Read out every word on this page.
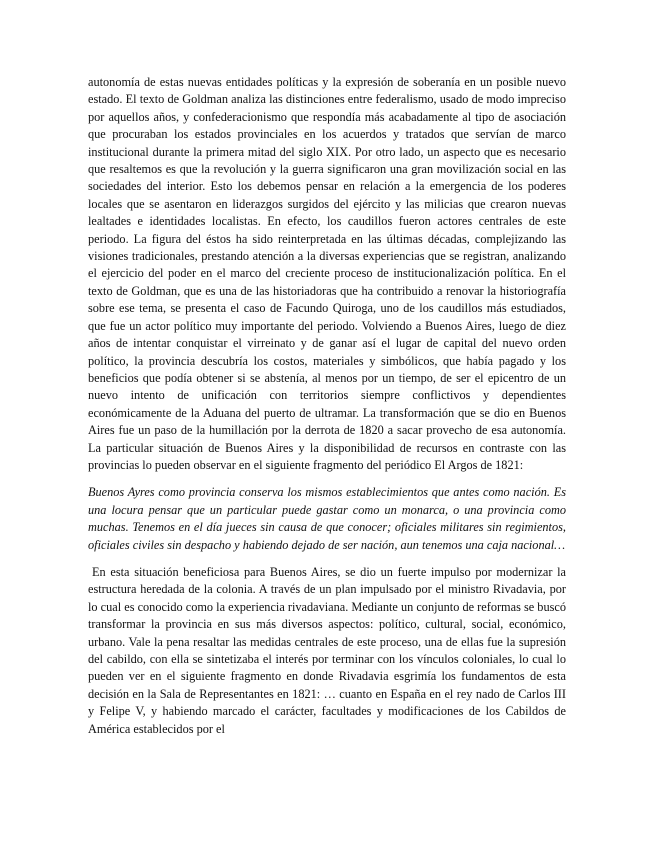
autonomía de estas nuevas entidades políticas y la expresión de soberanía en un posible nuevo estado. El texto de Goldman analiza las distinciones entre federalismo, usado de modo impreciso por aquellos años, y confederacionismo que respondía más acabadamente al tipo de asociación que procuraban los estados provinciales en los acuerdos y tratados que servían de marco institucional durante la primera mitad del siglo XIX. Por otro lado, un aspecto que es necesario que resaltemos es que la revolución y la guerra significaron una gran movilización social en las sociedades del interior. Esto los debemos pensar en relación a la emergencia de los poderes locales que se asentaron en liderazgos surgidos del ejército y las milicias que crearon nuevas lealtades e identidades localistas. En efecto, los caudillos fueron actores centrales de este periodo. La figura del éstos ha sido reinterpretada en las últimas décadas, complejizando las visiones tradicionales, prestando atención a la diversas experiencias que se registran, analizando el ejercicio del poder en el marco del creciente proceso de institucionalización política. En el texto de Goldman, que es una de las historiadoras que ha contribuido a renovar la historiografía sobre ese tema, se presenta el caso de Facundo Quiroga, uno de los caudillos más estudiados, que fue un actor político muy importante del periodo. Volviendo a Buenos Aires, luego de diez años de intentar conquistar el virreinato y de ganar así el lugar de capital del nuevo orden político, la provincia descubría los costos, materiales y simbólicos, que había pagado y los beneficios que podía obtener si se abstenía, al menos por un tiempo, de ser el epicentro de un nuevo intento de unificación con territorios siempre conflictivos y dependientes económicamente de la Aduana del puerto de ultramar. La transformación que se dio en Buenos Aires fue un paso de la humillación por la derrota de 1820 a sacar provecho de esa autonomía. La particular situación de Buenos Aires y la disponibilidad de recursos en contraste con las provincias lo pueden observar en el siguiente fragmento del periódico El Argos de 1821:

Buenos Ayres como provincia conserva los mismos establecimientos que antes como nación. Es una locura pensar que un particular puede gastar como un monarca, o una provincia como muchas. Tenemos en el día jueces sin causa de que conocer; oficiales militares sin regimientos, oficiales civiles sin despacho y habiendo dejado de ser nación, aun tenemos una caja nacional…

En esta situación beneficiosa para Buenos Aires, se dio un fuerte impulso por modernizar la estructura heredada de la colonia. A través de un plan impulsado por el ministro Rivadavia, por lo cual es conocido como la experiencia rivadaviana. Mediante un conjunto de reformas se buscó transformar la provincia en sus más diversos aspectos: político, cultural, social, económico, urbano. Vale la pena resaltar las medidas centrales de este proceso, una de ellas fue la supresión del cabildo, con ella se sintetizaba el interés por terminar con los vínculos coloniales, lo cual lo pueden ver en el siguiente fragmento en donde Rivadavia esgrimía los fundamentos de esta decisión en la Sala de Representantes en 1821: … cuanto en España en el rey nado de Carlos III y Felipe V, y habiendo marcado el carácter, facultades y modificaciones de los Cabildos de América establecidos por el
